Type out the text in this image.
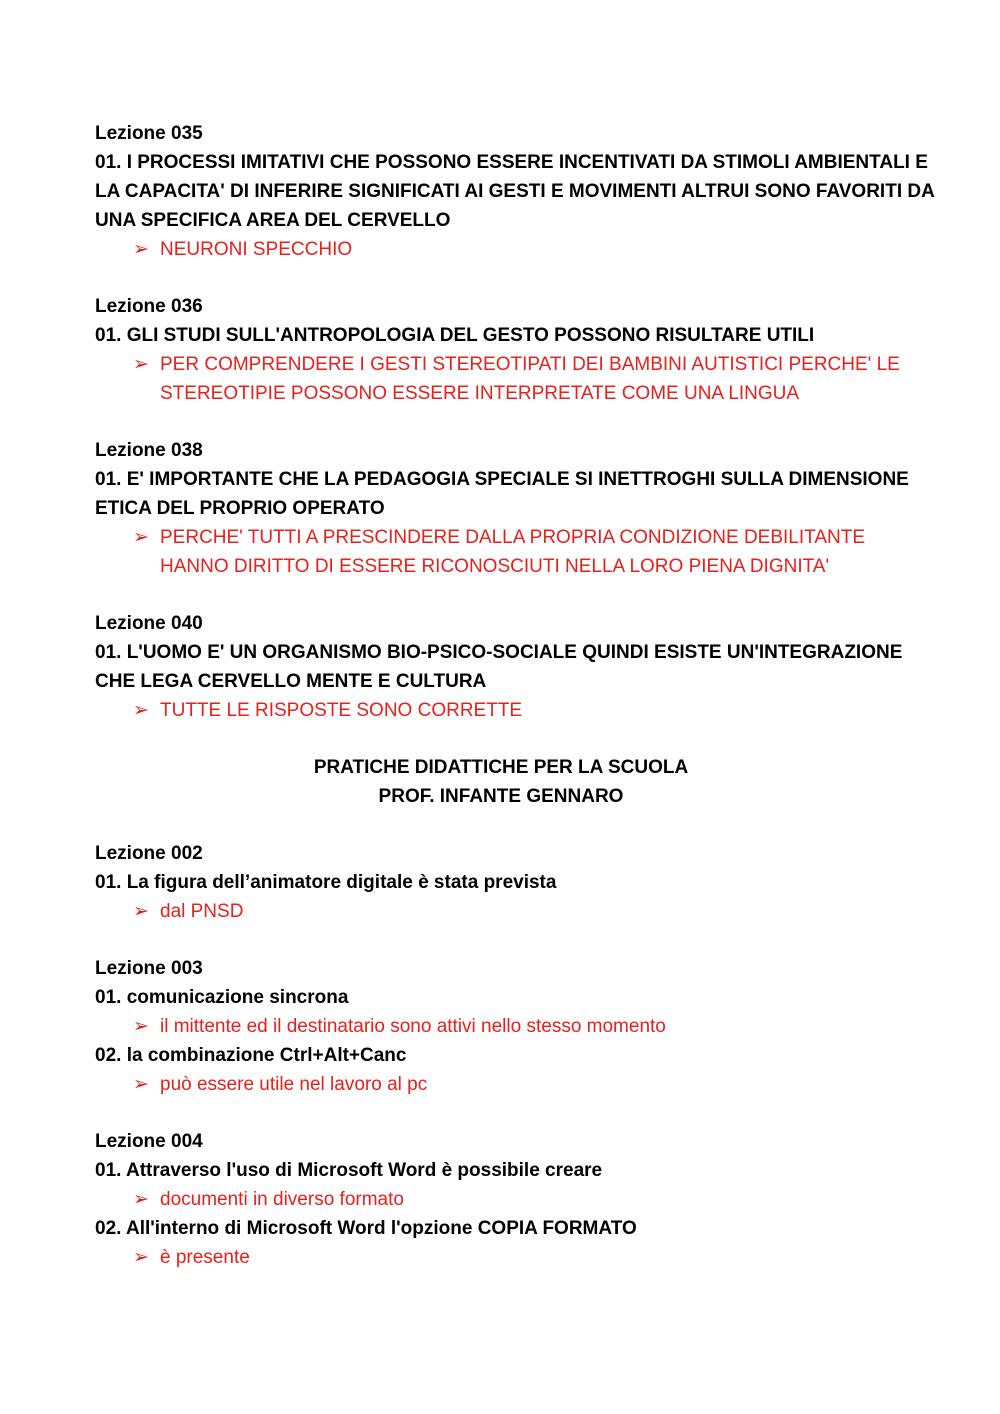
Lezione 035
01. I PROCESSI IMITATIVI CHE POSSONO ESSERE INCENTIVATI DA STIMOLI AMBIENTALI E LA CAPACITA' DI INFERIRE SIGNIFICATI AI GESTI E MOVIMENTI ALTRUI SONO FAVORITI DA UNA SPECIFICA AREA DEL CERVELLO
➢ NEURONI SPECCHIO
Lezione 036
01. GLI STUDI SULL'ANTROPOLOGIA DEL GESTO POSSONO RISULTARE UTILI
➢ PER COMPRENDERE I GESTI STEREOTIPATI DEI BAMBINI AUTISTICI PERCHE' LE STEREOTIPIE POSSONO ESSERE INTERPRETATE COME UNA LINGUA
Lezione 038
01. E' IMPORTANTE CHE LA PEDAGOGIA SPECIALE SI INETTROGHI SULLA DIMENSIONE ETICA DEL PROPRIO OPERATO
➢ PERCHE' TUTTI A PRESCINDERE DALLA PROPRIA CONDIZIONE DEBILITANTE HANNO DIRITTO DI ESSERE RICONOSCIUTI NELLA LORO PIENA DIGNITA'
Lezione 040
01. L'UOMO E' UN ORGANISMO BIO-PSICO-SOCIALE QUINDI ESISTE UN'INTEGRAZIONE CHE LEGA CERVELLO MENTE E CULTURA
➢ TUTTE LE RISPOSTE SONO CORRETTE
PRATICHE DIDATTICHE PER LA SCUOLA
PROF. INFANTE GENNARO
Lezione 002
01. La figura dell’animatore digitale è stata prevista
➢ dal PNSD
Lezione 003
01. comunicazione sincrona
➢ il mittente ed il destinatario sono attivi nello stesso momento
02. la combinazione Ctrl+Alt+Canc
➢ può essere utile nel lavoro al pc
Lezione 004
01. Attraverso l'uso di Microsoft Word è possibile creare
➢ documenti in diverso formato
02. All'interno di Microsoft Word l'opzione COPIA FORMATO
➢ è presente
